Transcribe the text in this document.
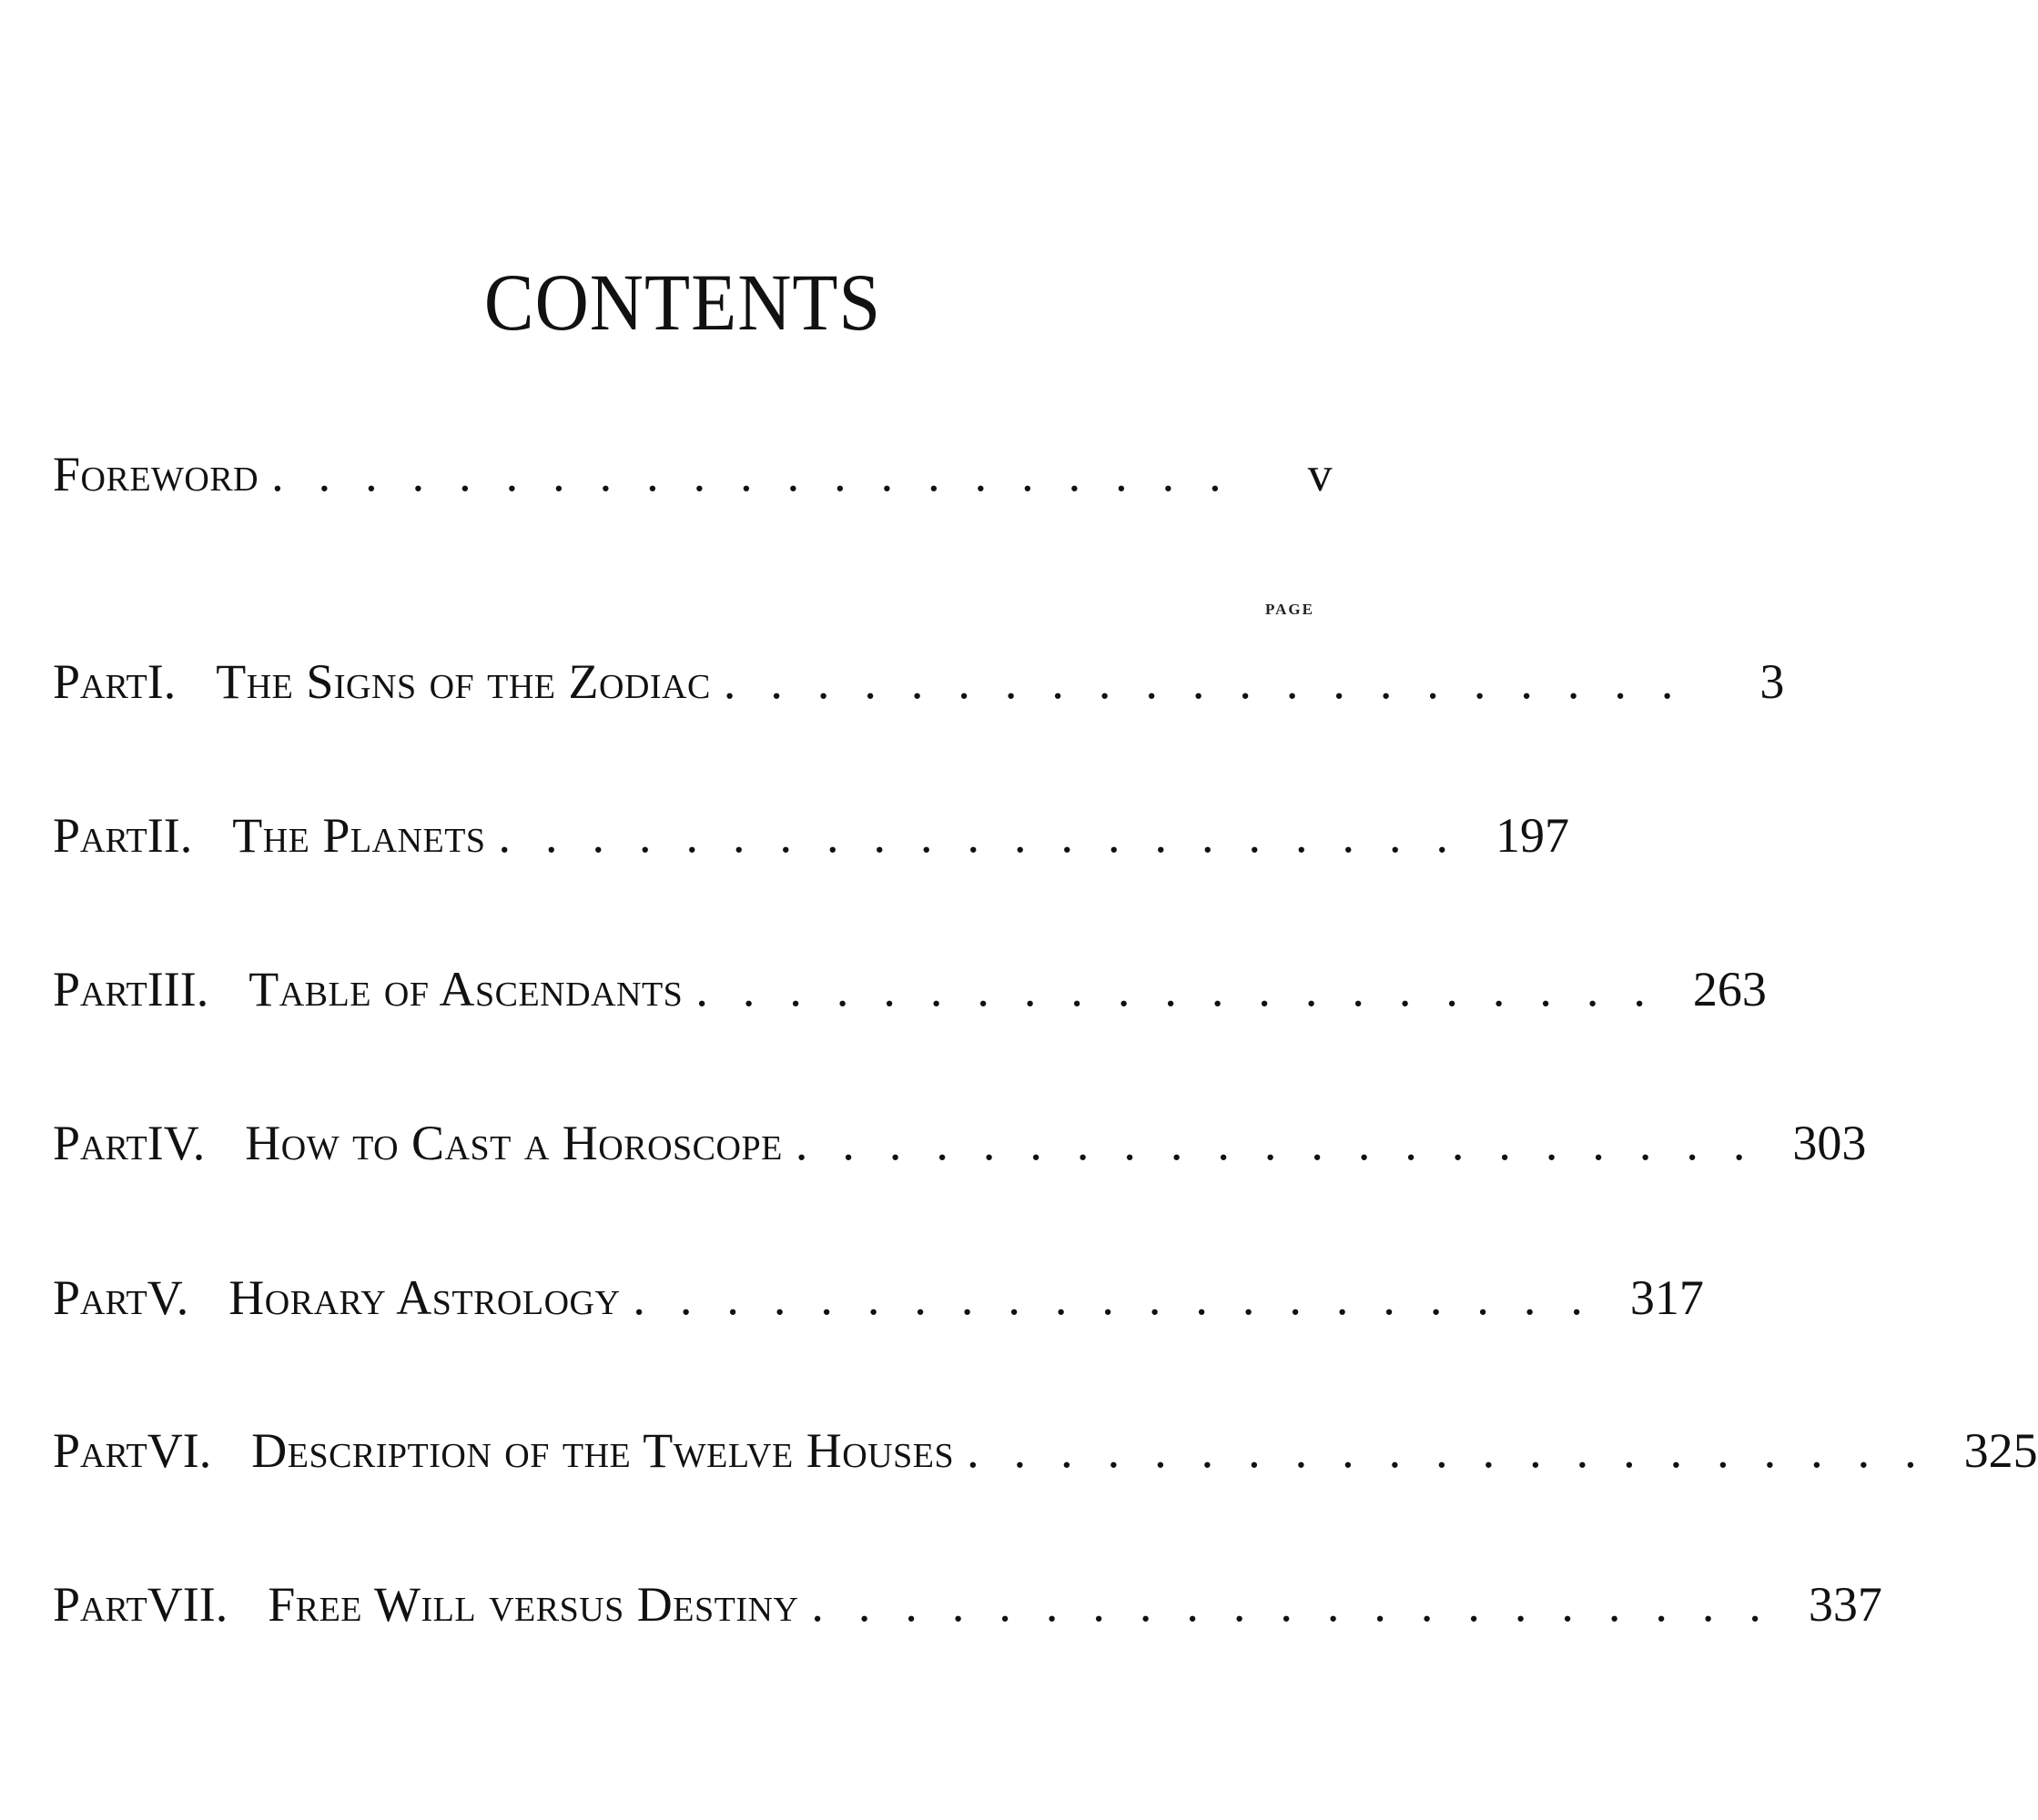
CONTENTS
Foreword .....................	v
page
Part I. The Signs of the Zodiac .....................	3
Part II. The Planets ..................... 197
Part III. Table of Ascendants ..................... 263
Part IV. How to Cast a Horoscope ..................... 303
Part V. Horary Astrology ..................... 317
Part VI. Description of the Twelve Houses ..................... 325
Part VII. Free Will versus Destiny ..................... 337
